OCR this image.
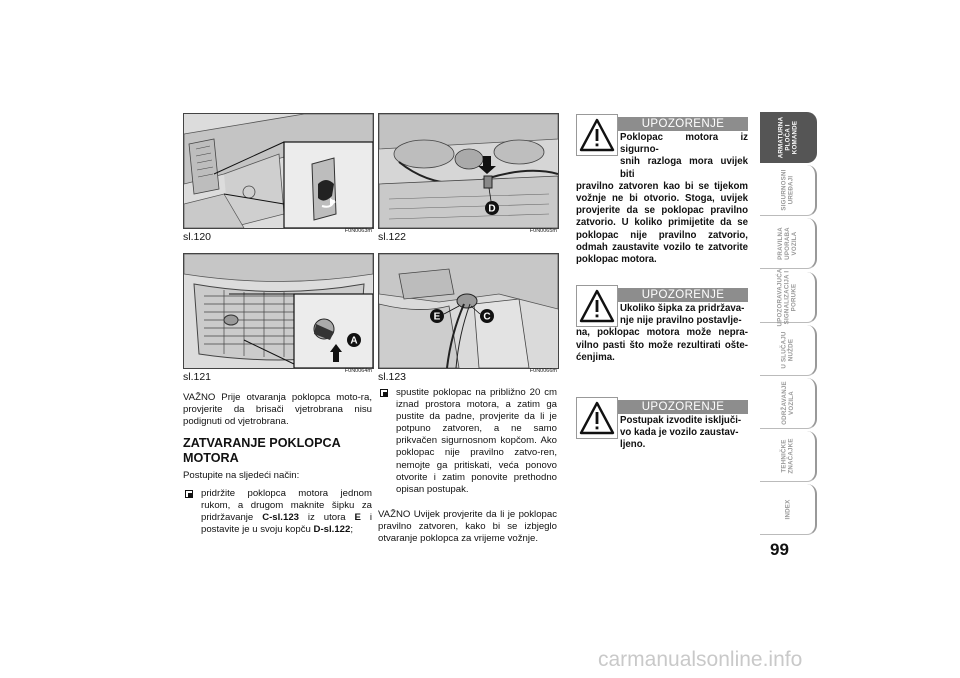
sl.120	F0N0063m
A
sl.121	F0N0064m
D
sl.122	F0N0065m
E	C
sl.123	F0N0066m

VAŽNO Prije otvaranja poklopca moto-ra, provjerite da brisači vjetrobrana nisu podignuti od vjetrobrana.

ZATVARANJE POKLOPCA
MOTORA

Postupite na sljedeći način:

pridržite poklopca motora jednom rukom, a drugom maknite šipku za pridržavanje C-sl.123 iz utora E i postavite je u svoju kopču D-sl.122;

spustite poklopac na približno 20 cm iznad prostora motora, a zatim ga pustite da padne, provjerite da li je potpuno zatvoren, a ne samo prikvačen sigurnosnom kopčom. Ako poklopac nije pravilno zatvo-ren, nemojte ga pritiskati, veća ponovo otvorite i zatim ponovite prethodno opisan postupak.

VAŽNO Uvijek provjerite da li je poklopac pravilno zatvoren, kako bi se izbjeglo otvaranje poklopca za vrijeme vožnje.

UPOZORENJE

Poklopac motora iz sigurno-

snih razloga mora uvijek biti

pravilno zatvoren kao bi se tijekom vožnje ne bi otvorio. Stoga, uvijek provjerite da se poklopac pravilno zatvorio. U koliko primijetite da se poklopac nije pravilno zatvorio, odmah zaustavite vozilo te zatvorite poklopac motora.

UPOZORENJE

Ukoliko šipka za pridržava-

nje nije pravilno postavlje-

na, poklopac motora može nepra-vilno pasti što može rezultirati ošte-ćenjima.

UPOZORENJE

Postupak izvodite isključi-

vo kada je vozilo zaustav-

ljeno.

ARMATURNA
PLOČA I
KOMANDE
SIGURNOSNI
UREĐAJI
PRAVILNA
UPORABA
VOZILA
UPOZORAVAJUĆA
SIGNALIZACIJA I
PORUKE
U SLUČAJU
NUŽDE
ODRŽAVANJE
VOZILA
TEHNIČKE
ZNAČAJKE
INDEX
99
carmanualsonline.info
